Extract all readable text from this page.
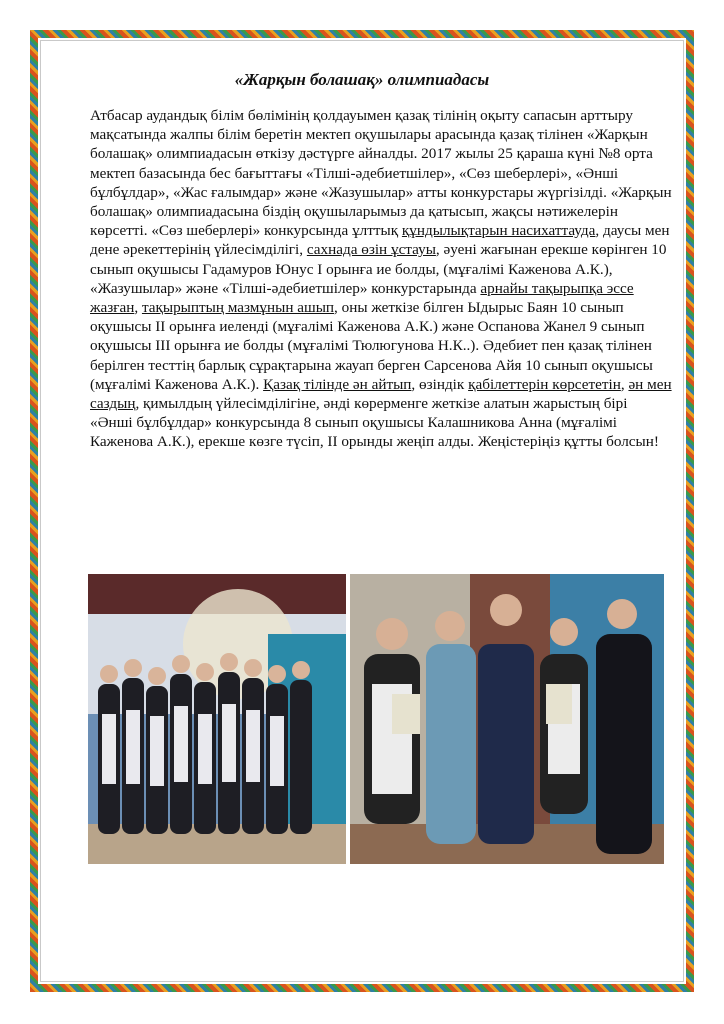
«Жарқын болашақ» олимпиадасы
Атбасар аудандық білім бөлімінің қолдауымен қазақ тілінің оқыту сапасын арттыру мақсатында жалпы білім беретін мектеп оқушылары арасында қазақ тілінен «Жарқын болашақ» олимпиадасын өткізу дәстүрге айналды. 2017 жылы 25 қараша күні №8 орта мектеп базасында бес бағыттағы «Тілші-әдебиетшілер», «Сөз шеберлері», «Әнші бұлбұлдар», «Жас ғалымдар» және «Жазушылар» атты конкурстары жүргізілді. «Жарқын болашақ» олимпиадасына біздің оқушыларымыз да қатысып, жақсы нәтижелерін көрсетті. «Сөз шеберлері» конкурсында ұлттық құндылықтарын насихаттауда, даусы мен дене әрекеттерінің үйлесімділігі, сахнада өзін ұстауы, әуені жағынан ерекше көрінген 10 сынып оқушысы Гадамуров Юнус I орынға ие болды, (мұғалімі Каженова А.К.), «Жазушылар» және «Тілші-әдебиетшілер» конкурстарында арнайы тақырыпқа эссе жазған, тақырыптың мазмұнын ашып, оны жеткізе білген Ыдырыс Баян 10 сынып оқушысы II орынға иеленді (мұғалімі Каженова А.К.) және Оспанова Жанел 9 сынып оқушысы III орынға ие болды (мұғалімі Тюлюгунова Н.К..). Әдебиет пен қазақ тілінен берілген тесттің барлық сұрақтарына жауап берген Сарсенова Айя 10 сынып оқушысы (мұғалімі Каженова А.К.). Қазақ тілінде ән айтып, өзіндік қабілеттерін көрсететін, ән мен саздың, қимылдың үйлесімділігіне, әнді көрерменге жеткізе алатын жарыстың бірі «Әнші бұлбұлдар» конкурсында 8 сынып оқушысы Калашникова Анна (мұғалімі Каженова А.К.), ерекше көзге түсіп, II орынды жеңіп алды. Жеңістеріңіз құтты болсын!
